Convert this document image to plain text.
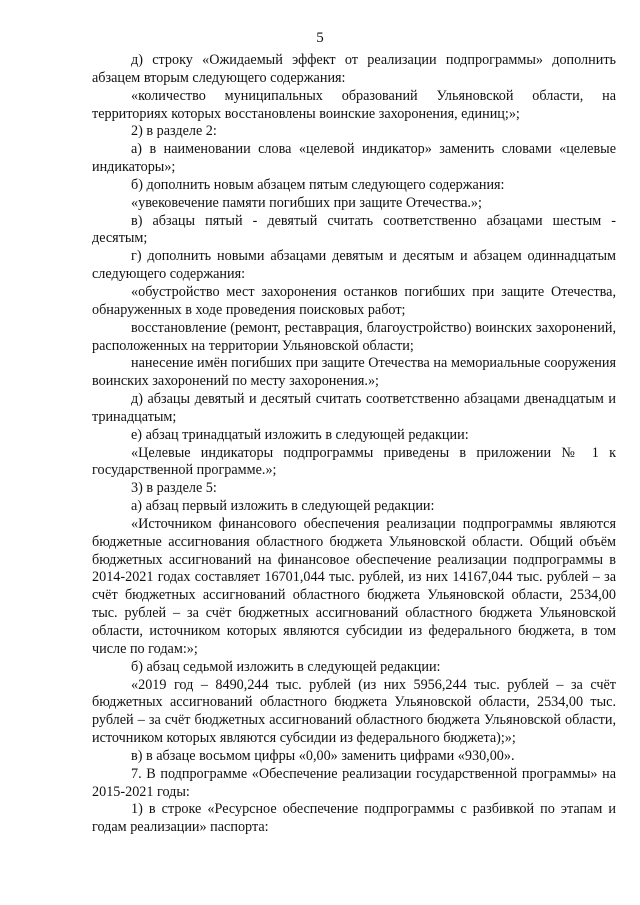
5

д) строку «Ожидаемый эффект от реализации подпрограммы» дополнить абзацем вторым следующего содержания:

«количество муниципальных образований Ульяновской области, на территориях которых восстановлены воинские захоронения, единиц;»;

2) в разделе 2:

а) в наименовании слова «целевой индикатор» заменить словами «целевые индикаторы»;

б) дополнить новым абзацем пятым следующего содержания:

«увековечение памяти погибших при защите Отечества.»;

в) абзацы пятый - девятый считать соответственно абзацами шестым - десятым;

г) дополнить новыми абзацами девятым и десятым и абзацем одиннадцатым следующего содержания:

«обустройство мест захоронения останков погибших при защите Отечества, обнаруженных в ходе проведения поисковых работ;

восстановление (ремонт, реставрация, благоустройство) воинских захоронений, расположенных на территории Ульяновской области;

нанесение имён погибших при защите Отечества на мемориальные сооружения воинских захоронений по месту захоронения.»;

д) абзацы девятый и десятый считать соответственно абзацами двенадцатым и тринадцатым;

е) абзац тринадцатый изложить в следующей редакции:

«Целевые индикаторы подпрограммы приведены в приложении № 1 к государственной программе.»;

3) в разделе 5:

а) абзац первый изложить в следующей редакции:

«Источником финансового обеспечения реализации подпрограммы являются бюджетные ассигнования областного бюджета Ульяновской области. Общий объём бюджетных ассигнований на финансовое обеспечение реализации подпрограммы в 2014-2021 годах составляет 16701,044 тыс. рублей, из них 14167,044 тыс. рублей – за счёт бюджетных ассигнований областного бюджета Ульяновской области, 2534,00 тыс. рублей – за счёт бюджетных ассигнований областного бюджета Ульяновской области, источником которых являются субсидии из федерального бюджета, в том числе по годам:»;

б) абзац седьмой изложить в следующей редакции:

«2019 год – 8490,244 тыс. рублей (из них 5956,244 тыс. рублей – за счёт бюджетных ассигнований областного бюджета Ульяновской области, 2534,00 тыс. рублей – за счёт бюджетных ассигнований областного бюджета Ульяновской области, источником которых являются субсидии из федерального бюджета);»;

в) в абзаце восьмом цифры «0,00» заменить цифрами «930,00».

7. В подпрограмме «Обеспечение реализации государственной программы» на 2015-2021 годы:

1) в строке «Ресурсное обеспечение подпрограммы с разбивкой по этапам и годам реализации» паспорта:
